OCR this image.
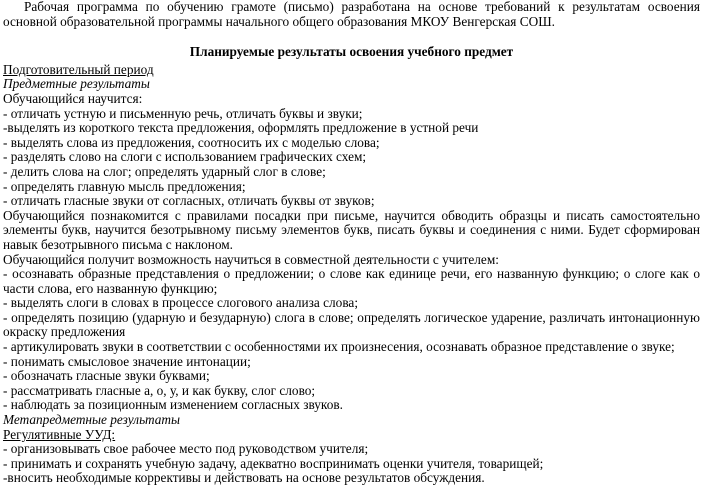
Рабочая программа по обучению грамоте (письмо) разработана на основе требований к результатам освоения основной образовательной программы начального общего образования МКОУ Венгерская СОШ.

Планируемые результаты освоения учебного предмет

Подготовительный период

Предметные результаты

Обучающийся научится:

- отличать устную и письменную речь, отличать буквы и звуки;

-выделять из короткого текста предложения, оформлять предложение в устной речи

- выделять слова из предложения, соотносить их с моделью слова;

- разделять слово на слоги с использованием графических схем;

- делить слова на слог; определять ударный слог в слове;

- определять главную мысль предложения;

- отличать гласные звуки от согласных, отличать буквы от звуков;

Обучающийся познакомится с правилами посадки при письме, научится обводить образцы и писать самостоятельно элементы букв, научится безотрывному письму элементов букв, писать буквы и соединения с ними. Будет сформирован навык безотрывного письма с наклоном.

Обучающийся получит возможность научиться в совместной деятельности с учителем:

- осознавать образные представления о предложении; о слове как единице речи, его названную функцию; о слоге как о части слова, его названную функцию;

- выделять слоги в словах в процессе слогового анализа слова;

- определять позицию (ударную и безударную) слога в слове; определять логическое ударение, различать интонационную окраску предложения

- артикулировать звуки в соответствии с особенностями их произнесения, осознавать образное представление о звуке;

- понимать смысловое значение интонации;

- обозначать гласные звуки буквами;

- рассматривать гласные а, о, у, и как букву, слог слово;

- наблюдать за позиционным изменением согласных звуков.

Метапредметные результаты

Регулятивные УУД:

- организовывать свое рабочее место под руководством учителя;

- принимать и сохранять учебную задачу, адекватно воспринимать оценки учителя, товарищей;

-вносить необходимые коррективы и действовать на основе результатов обсуждения.
